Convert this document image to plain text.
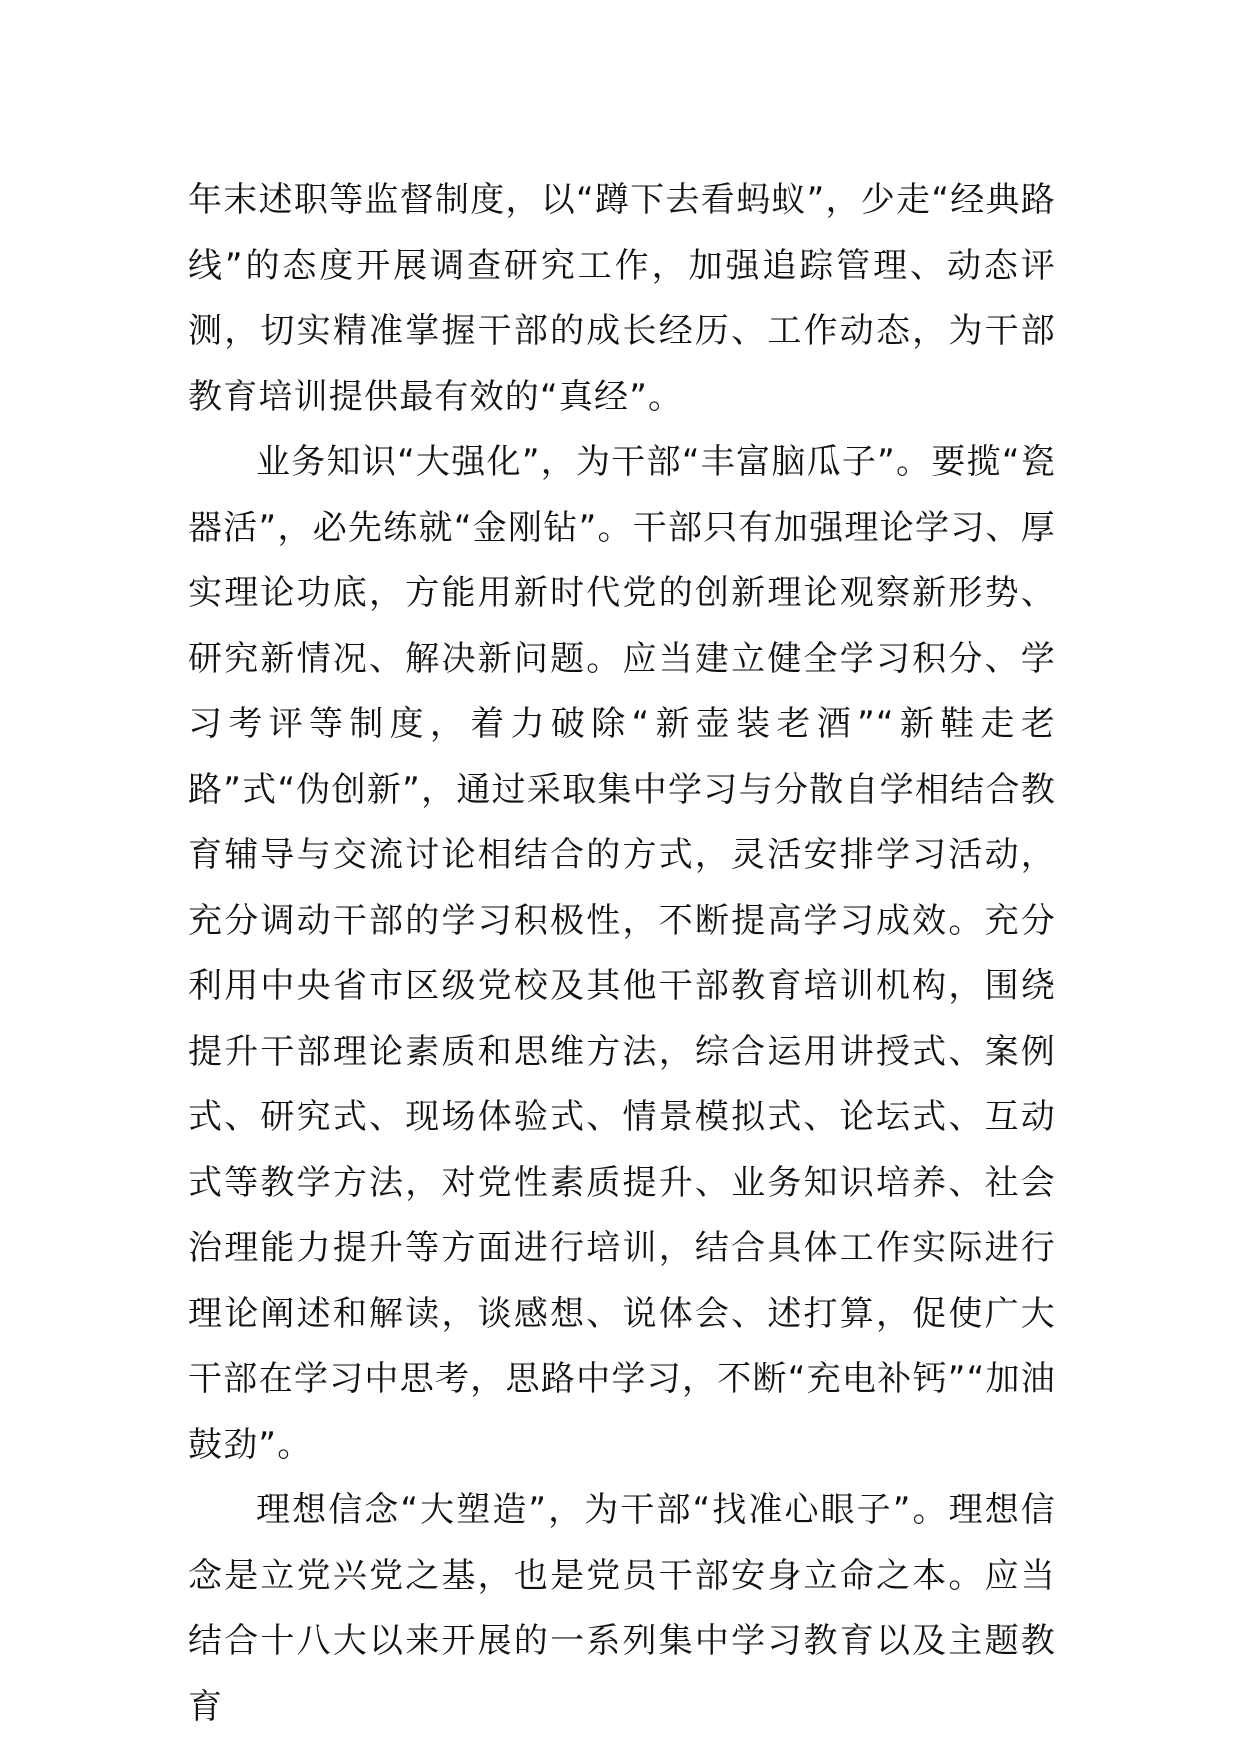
年末述职等监督制度，以“蹲下去看蚂蚁”，少走“经典路线”的态度开展调查研究工作，加强追踪管理、动态评测，切实精准掌握干部的成长经历、工作动态，为干部教育培训提供最有效的“真经”。

业务知识“大强化”，为干部“丰富脑瓜子”。要揽“瓷器活”，必先练就“金刚钻”。干部只有加强理论学习、厚实理论功底，方能用新时代党的创新理论观察新形势、研究新情况、解决新问题。应当建立健全学习积分、学习考评等制度，着力破除“新壶装老酒”“新鞋走老路”式“伪创新”，通过采取集中学习与分散自学相结合教育辅导与交流讨论相结合的方式，灵活安排学习活动，充分调动干部的学习积极性，不断提高学习成效。充分利用中央省市区级党校及其他干部教育培训机构，围绕提升干部理论素质和思维方法，综合运用讲授式、案例式、研究式、现场体验式、情景模拟式、论坛式、互动式等教学方法，对党性素质提升、业务知识培养、社会治理能力提升等方面进行培训，结合具体工作实际进行理论阐述和解读，谈感想、说体会、述打算，促使广大干部在学习中思考，思路中学习，不断“充电补钙”“加油鼓劲”。

理想信念“大塑造”，为干部“找准心眼子”。理想信念是立党兴党之基，也是党员干部安身立命之本。应当结合十八大以来开展的一系列集中学习教育以及主题教育
